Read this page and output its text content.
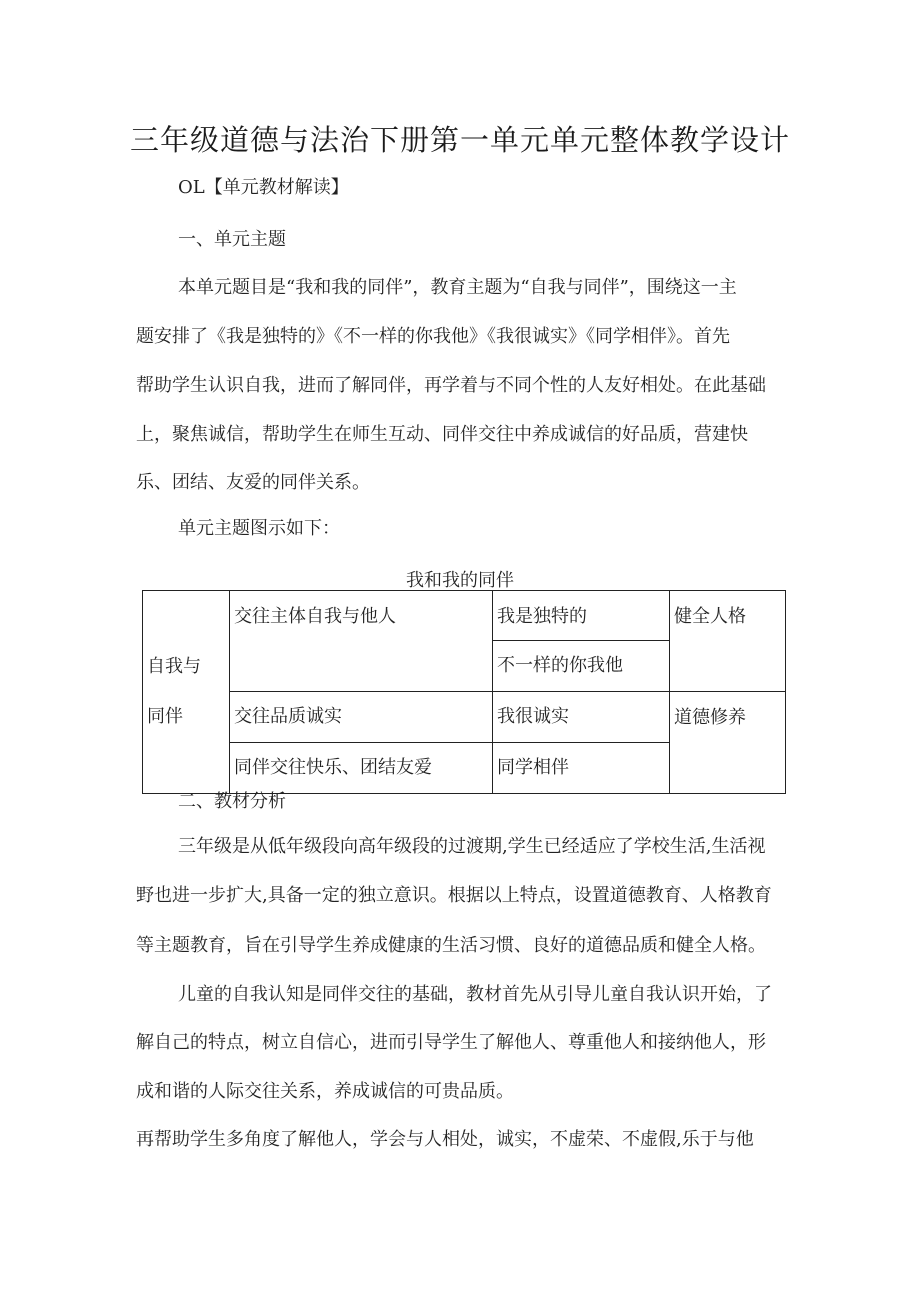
三年级道德与法治下册第一单元单元整体教学设计
OL【单元教材解读】
一、单元主题
本单元题目是“我和我的同伴”，教育主题为“自我与同伴”，围绕这一主
题安排了《我是独特的》《不一样的你我他》《我很诚实》《同学相伴》。首先
帮助学生认识自我，进而了解同伴，再学着与不同个性的人友好相处。在此基础
上，聚焦诚信，帮助学生在师生互动、同伴交往中养成诚信的好品质，营建快
乐、团结、友爱的同伴关系。
单元主题图示如下：
我和我的同伴
自我与
同伴	交往主体自我与他人	我是独特的	健全人格
		不一样的你我他	
	交往品质诚实	我很诚实	道德修养
	同伴交往快乐、团结友爱	同学相伴	
二、教材分析
三年级是从低年级段向高年级段的过渡期,学生已经适应了学校生活,生活视
野也进一步扩大,具备一定的独立意识。根据以上特点，设置道德教育、人格教育
等主题教育，旨在引导学生养成健康的生活习惯、良好的道德品质和健全人格。
儿童的自我认知是同伴交往的基础，教材首先从引导儿童自我认识开始，了
解自己的特点，树立自信心，进而引导学生了解他人、尊重他人和接纳他人，形
成和谐的人际交往关系，养成诚信的可贵品质。
再帮助学生多角度了解他人，学会与人相处，诚实，不虚荣、不虚假,乐于与他
